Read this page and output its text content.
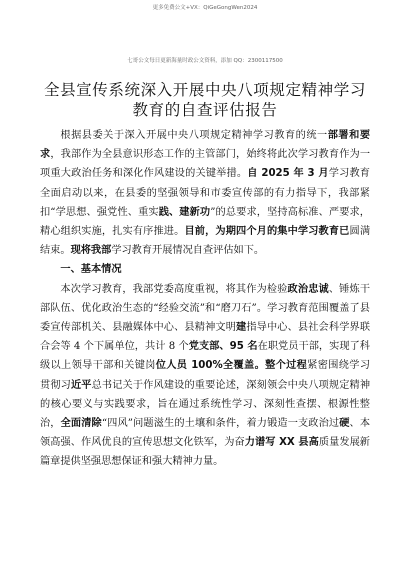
更多免费公文+VX：QiGeGongWen2024
七哥公文每日更新海量时政公文资料，添加 QQ：2300117500
全县宣传系统深入开展中央八项规定精神学习
教育的自查评估报告

根据县委关于深入开展中央八项规定精神学习教育的统一部署和要求，我部作为全县意识形态工作的主管部门，始终将此次学习教育作为一项重大政治任务和深化作风建设的关键举措。自 2025 年 3 月学习教育全面启动以来，在县委的坚强领导和市委宣传部的有力指导下，我部紧扣“学思想、强党性、重实践、建新功”的总要求，坚持高标准、严要求，精心组织实施，扎实有序推进。目前，为期四个月的集中学习教育已圆满结束。现将我部学习教育开展情况自查评估如下。

一、基本情况

本次学习教育，我部党委高度重视，将其作为检验政治忠诚、锤炼干部队伍、优化政治生态的“经验交流”和“磨刀石”。学习教育范围覆盖了县委宣传部机关、县融媒体中心、县精神文明建指导中心、县社会科学界联合会等 4 个下属单位，共计 8 个党支部、95 名在职党员干部，实现了科级以上领导干部和关键岗位人员 100%全覆盖。整个过程紧密围绕学习贯彻习近平总书记关于作风建设的重要论述，深刻领会中央八项规定精神的核心要义与实践要求，旨在通过系统性学习、深刻性查摆、根源性整治，全面清除“四风”问题滋生的土壤和条件，着力锻造一支政治过硬、本领高强、作风优良的宣传思想文化铁军，为奋力谱写 XX 县高质量发展新篇章提供坚强思想保证和强大精神力量。
